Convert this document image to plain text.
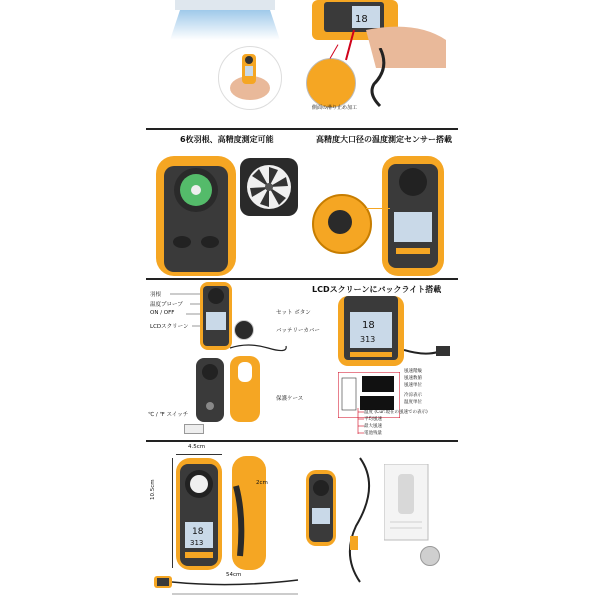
18
側面の滑り止め加工
6枚羽根、高精度測定可能	高精度大口径の温度測定センサー搭載
羽根
温度プローブ
ON / OFF
LCDスクリーン
セット ボタン
バッテリーカバー
保護ケース
℃ / ℉ スイッチ
LCDスクリーンにバックライト搭載
18
313
風速階級
風速数値
風速単位
冷涼表示
温度単位
温度 (Cur:現在の風速での表示)
平均風速
最大風速
電池残量
4.5cm
10.5cm
18
313
2cm
54cm
